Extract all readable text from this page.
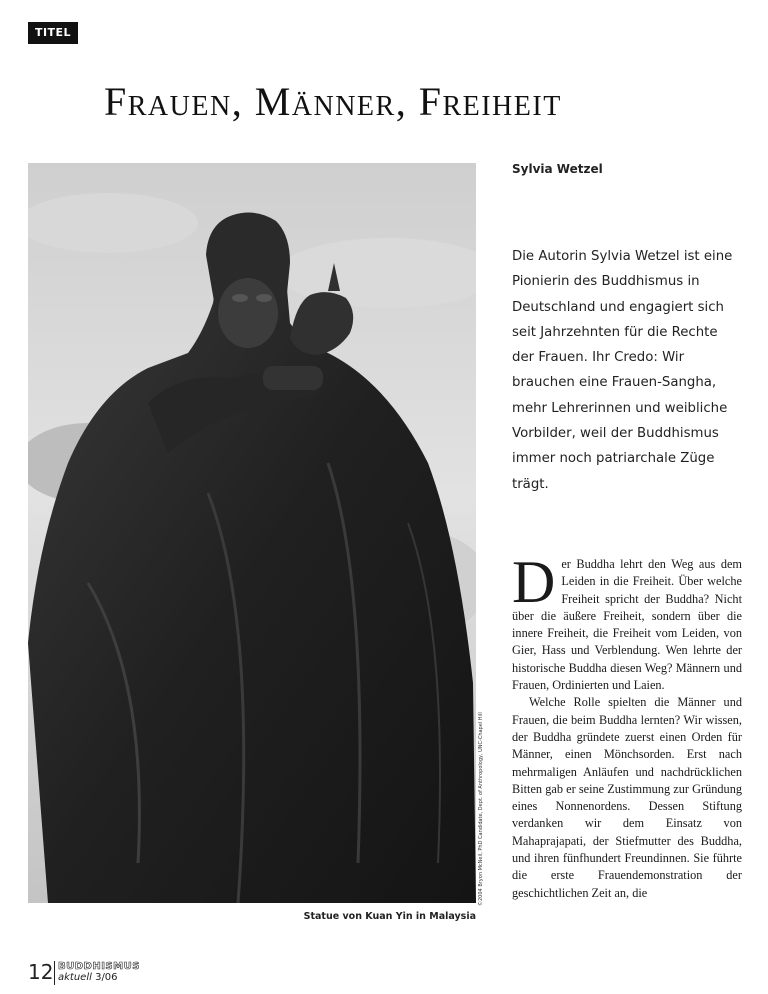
TITEL
Frauen, Männer, Freiheit
Sylvia Wetzel
Die Autorin Sylvia Wetzel ist eine Pionierin des Buddhismus in Deutschland und engagiert sich seit Jahrzehnten für die Rechte der Frauen. Ihr Credo: Wir brauchen eine Frauen-Sangha, mehr Lehrerinnen und weibliche Vorbilder, weil der Buddhismus immer noch patriarchale Züge trägt.
©2004 Bryon McNeil, PhD Candidate, Dept. of Anthropology, UNC-Chapel Hill
Statue von Kuan Yin in Malaysia

Der Buddha lehrt den Weg aus dem Leiden in die Freiheit. Über welche Freiheit spricht der Buddha? Nicht über die äußere Freiheit, sondern über die innere Freiheit, die Freiheit vom Leiden, von Gier, Hass und Verblendung. Wen lehrte der historische Buddha diesen Weg? Männern und Frauen, Ordinierten und Laien.

Welche Rolle spielten die Männer und Frauen, die beim Buddha lernten? Wir wissen, der Buddha gründete zuerst einen Orden für Männer, einen Mönchsorden. Erst nach mehrmaligen Anläufen und nachdrücklichen Bitten gab er seine Zustimmung zur Gründung eines Nonnenordens. Dessen Stiftung verdanken wir dem Einsatz von Mahaprajapati, der Stiefmutter des Buddha, und ihren fünfhundert Freundinnen. Sie führte die erste Frauendemonstration der geschichtlichen Zeit an, die

12 BUDDHISMUS
aktuell 3/06
